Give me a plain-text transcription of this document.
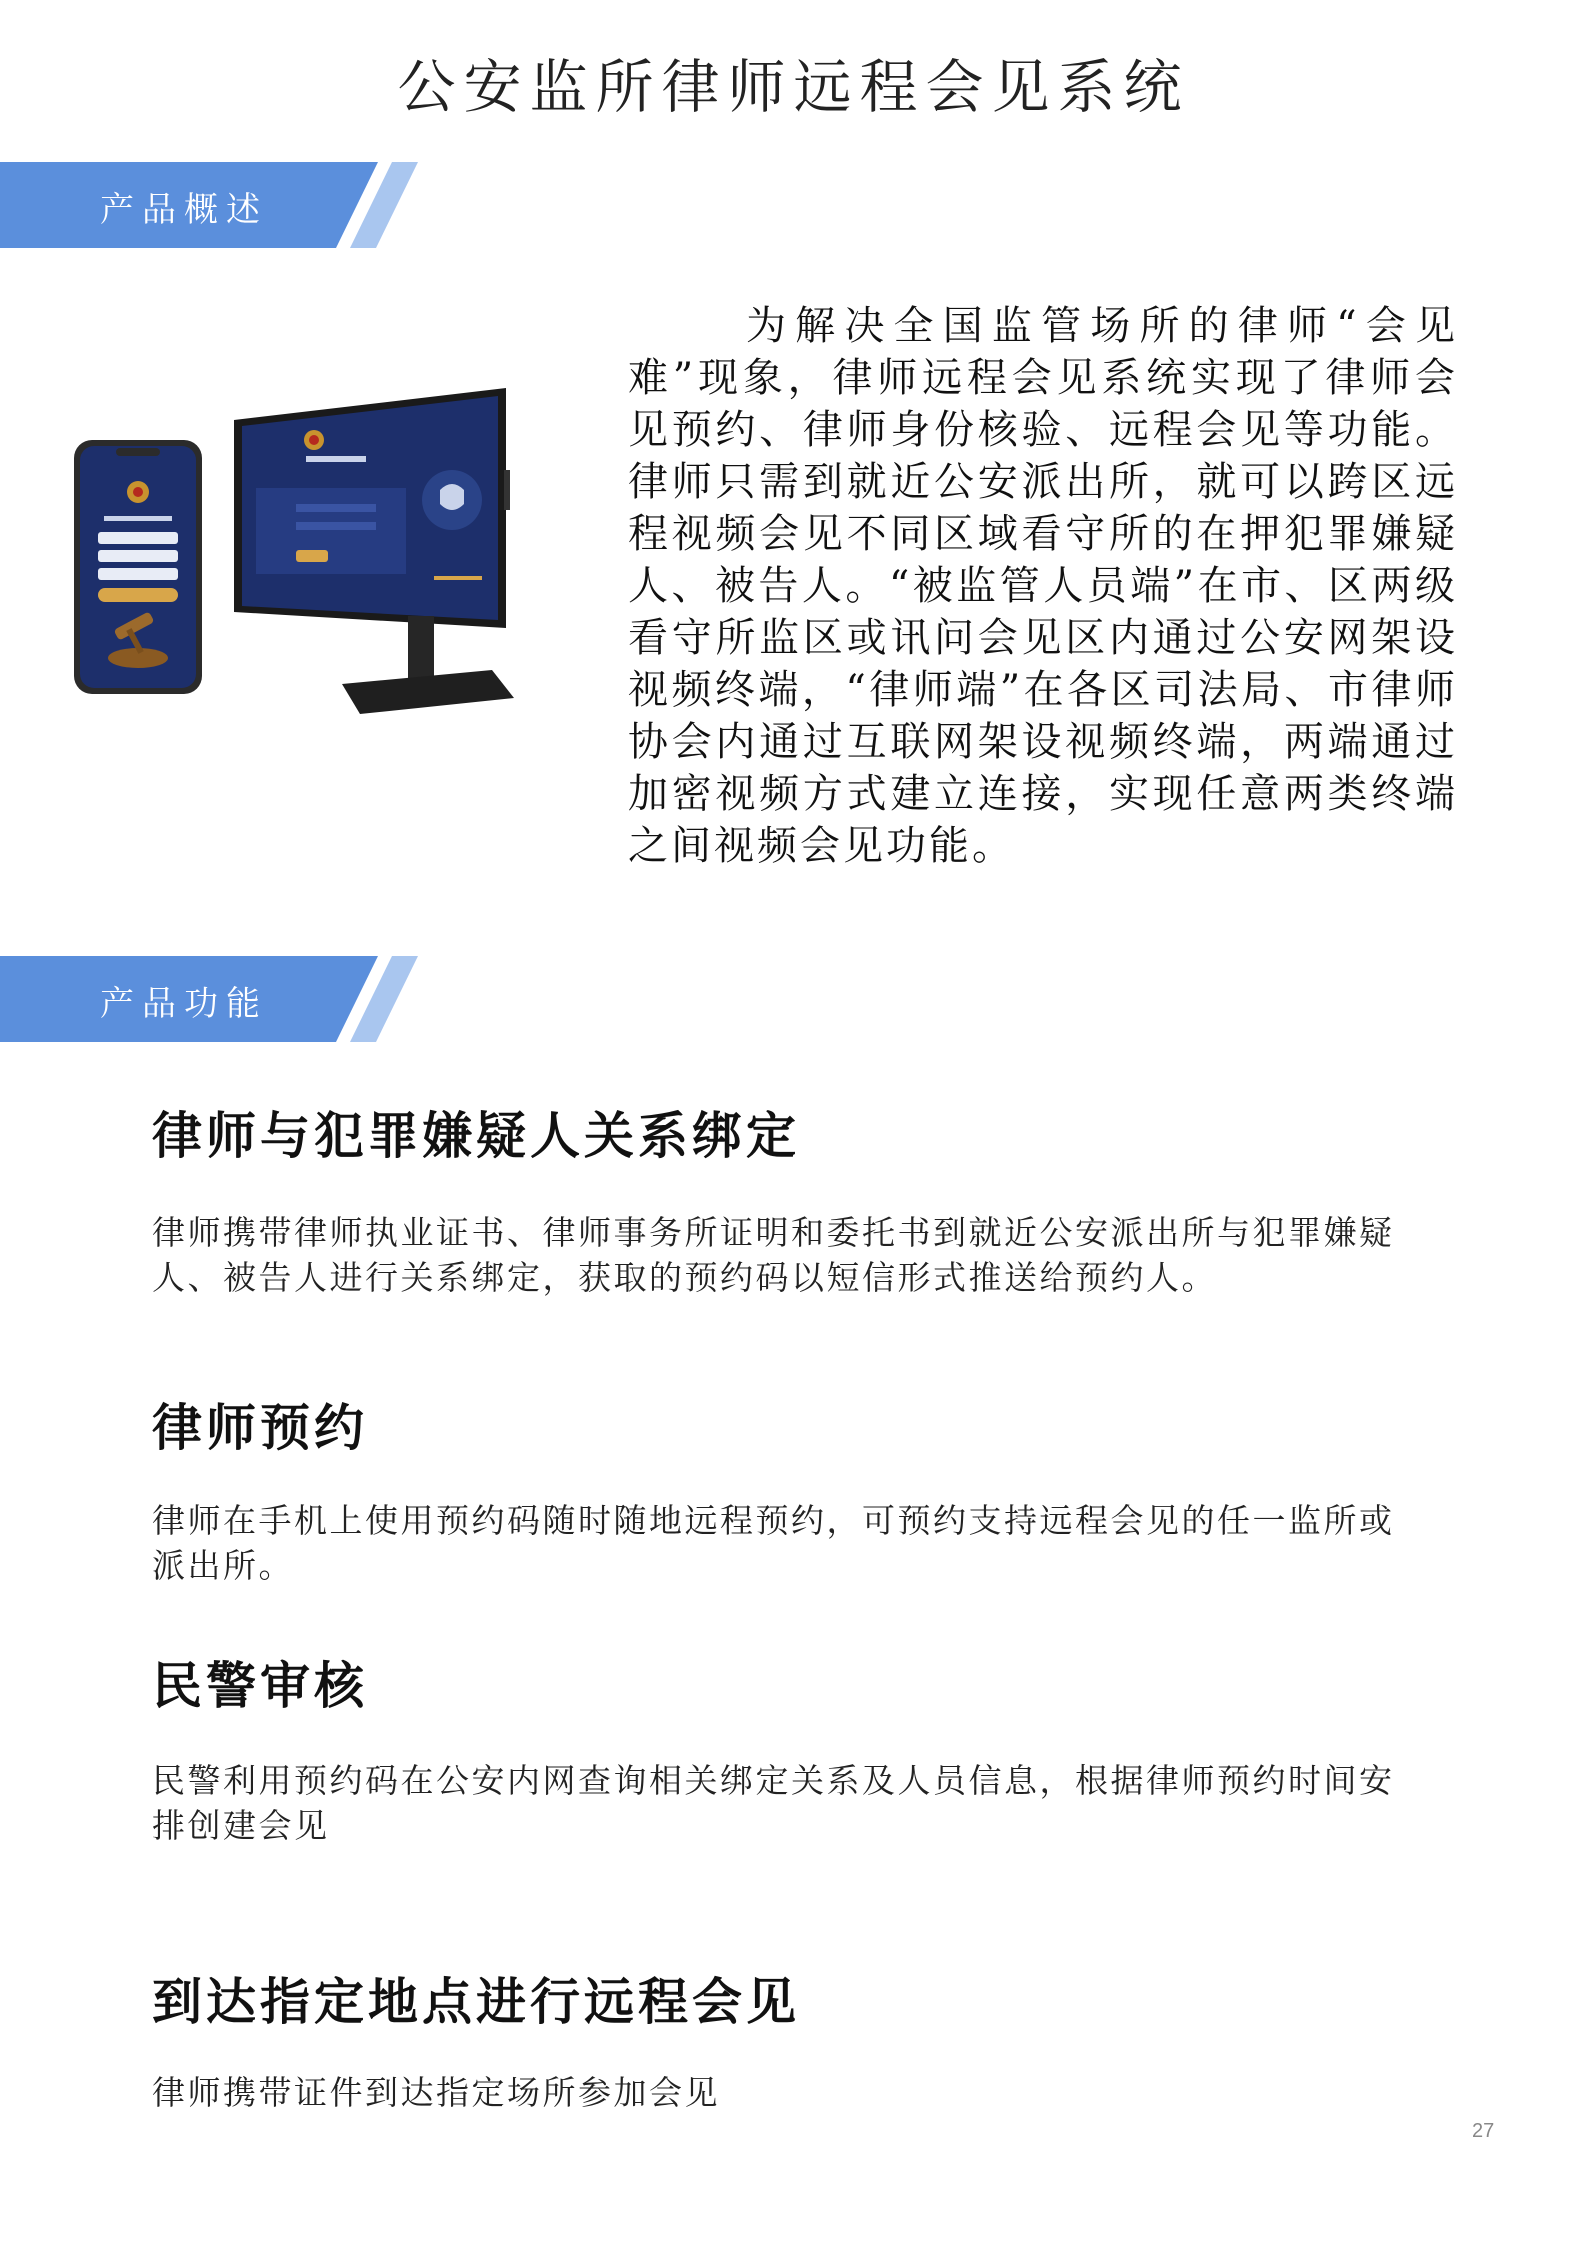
公安监所律师远程会见系统
产品概述
为解决全国监管场所的律师“会见难”现象，律师远程会见系统实现了律师会见预约、律师身份核验、远程会见等功能。律师只需到就近公安派出所，就可以跨区远程视频会见不同区域看守所的在押犯罪嫌疑人、被告人。“被监管人员端”在市、区两级看守所监区或讯问会见区内通过公安网架设视频终端，“律师端”在各区司法局、市律师协会内通过互联网架设视频终端，两端通过加密视频方式建立连接，实现任意两类终端之间视频会见功能。
产品功能
律师与犯罪嫌疑人关系绑定
律师携带律师执业证书、律师事务所证明和委托书到就近公安派出所与犯罪嫌疑人、被告人进行关系绑定，获取的预约码以短信形式推送给预约人。
律师预约
律师在手机上使用预约码随时随地远程预约，可预约支持远程会见的任一监所或派出所。
民警审核
民警利用预约码在公安内网查询相关绑定关系及人员信息，根据律师预约时间安排创建会见
到达指定地点进行远程会见
律师携带证件到达指定场所参加会见
27
